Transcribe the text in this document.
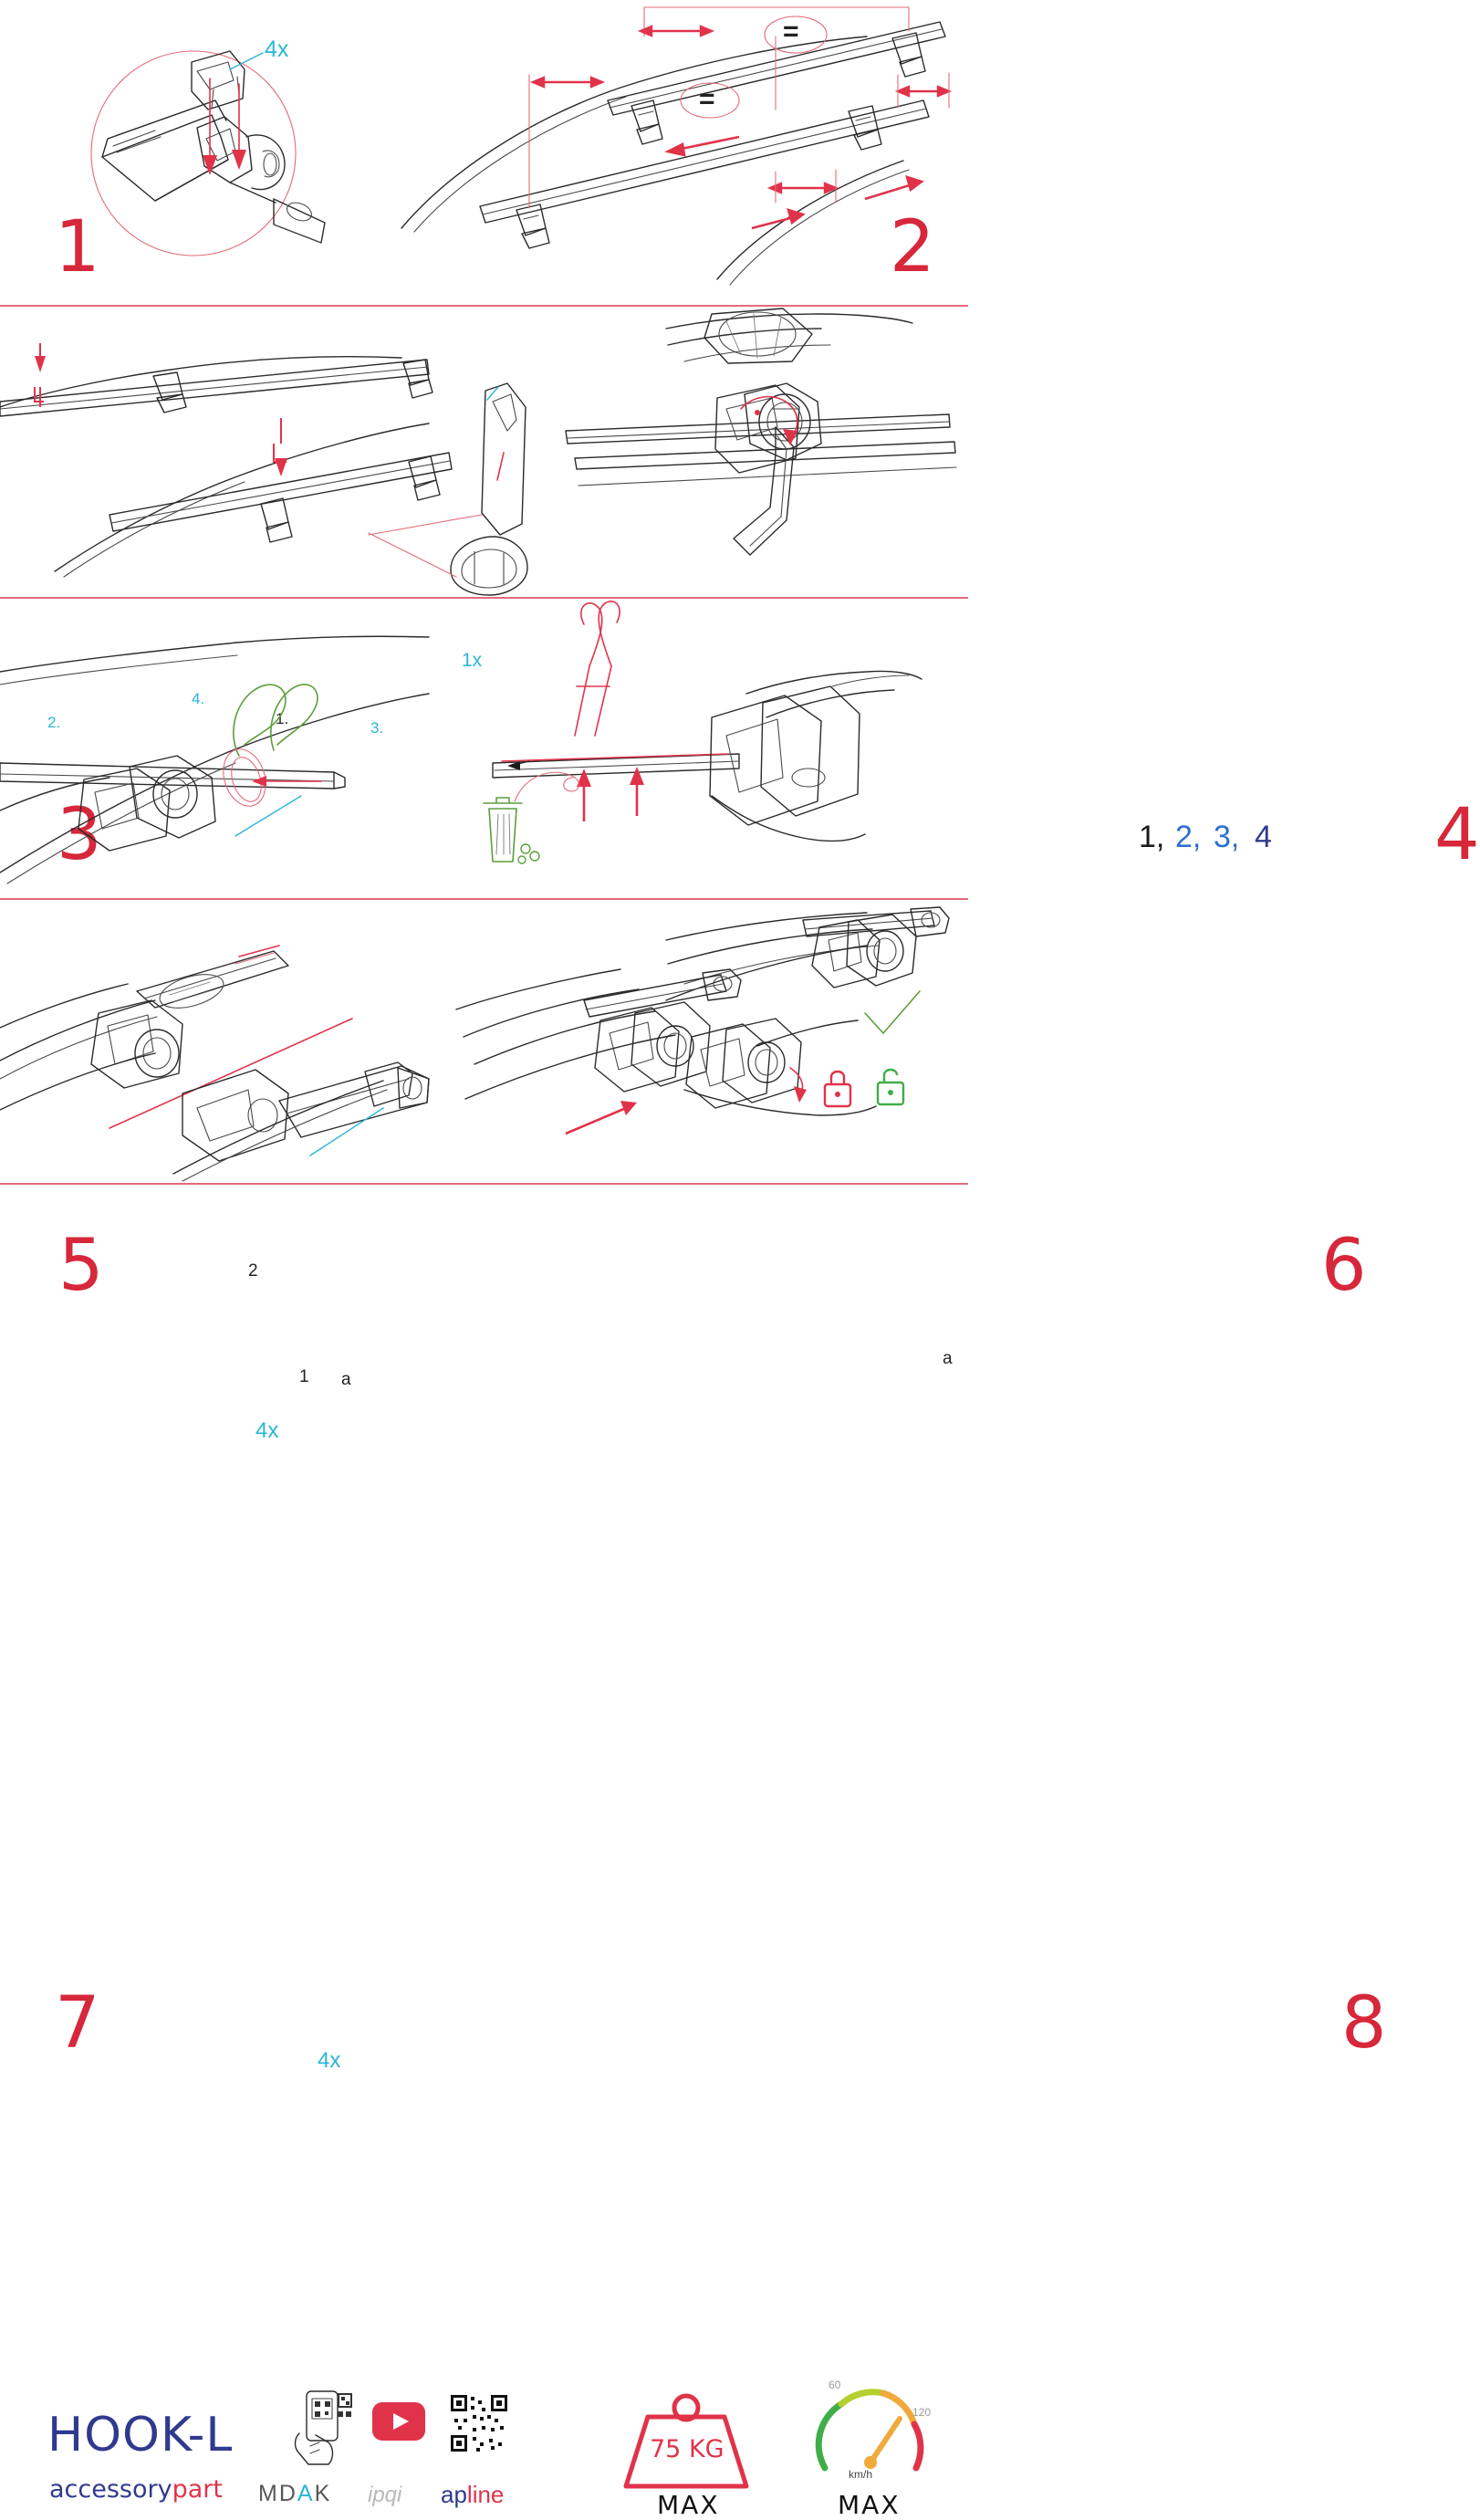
4x
1
=
=
2
2.	3.
4.
1.
1x
3	1, 2, 3, 4 4
5	2
1 a
4x
a
6
7	4x	8
HOOK-L
accessorypart MDAK ipqi apline
75 KG
MAX
60
120
km/h
MAX
